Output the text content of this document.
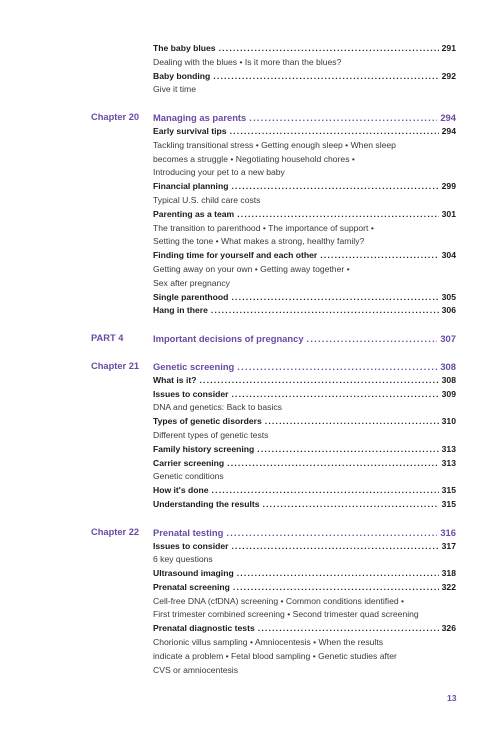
The baby blues .....	291
Dealing with the blues • Is it more than the blues?
Baby bonding .....	292
Give it time
Chapter 20	Managing as parents .....	294
Early survival tips .....	294
Tackling transitional stress • Getting enough sleep • When sleep
becomes a struggle • Negotiating household chores •
Introducing your pet to a new baby
Financial planning .....	299
Typical U.S. child care costs
Parenting as a team .....	301
The transition to parenthood • The importance of support •
Setting the tone • What makes a strong, healthy family?
Finding time for yourself and each other .....	304
Getting away on your own • Getting away together •
Sex after pregnancy
Single parenthood .....	305
Hang in there .....	306
PART 4	Important decisions of pregnancy .....	307
Chapter 21	Genetic screening .....	308
What is it? .....	308
Issues to consider .....	309
DNA and genetics: Back to basics
Types of genetic disorders .....	310
Different types of genetic tests
Family history screening .....	313
Carrier screening .....	313
Genetic conditions
How it's done .....	315
Understanding the results .....	315
Chapter 22	Prenatal testing .....	316
Issues to consider .....	317
6 key questions
Ultrasound imaging .....	318
Prenatal screening .....	322
Cell-free DNA (cfDNA) screening • Common conditions identified •
First trimester combined screening • Second trimester quad screening
Prenatal diagnostic tests .....	326
Chorionic villus sampling • Amniocentesis • When the results
indicate a problem • Fetal blood sampling • Genetic studies after
CVS or amniocentesis
13
